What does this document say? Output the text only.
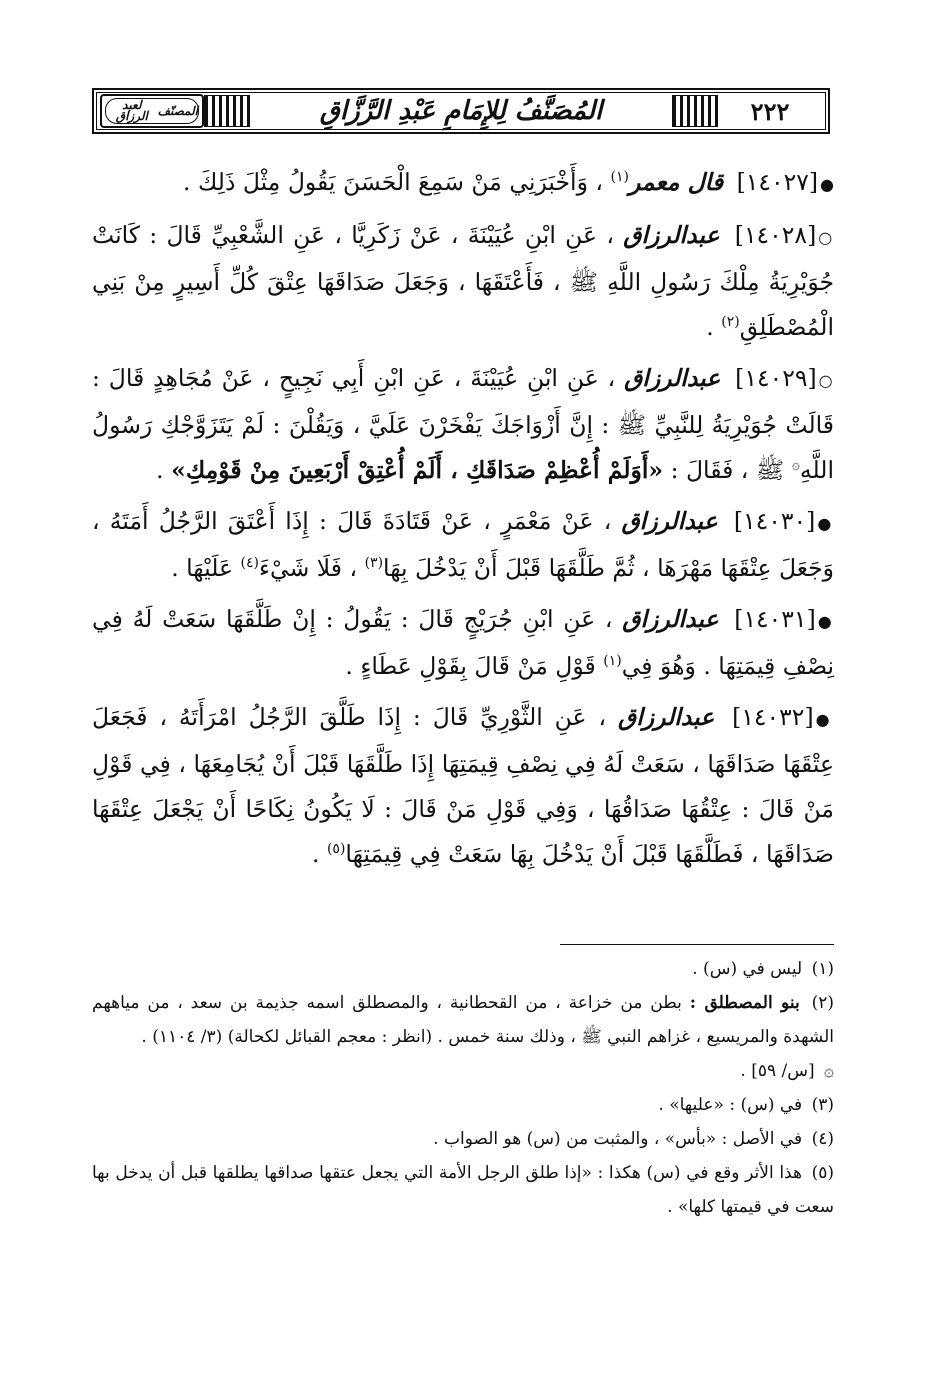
٢٢٢
المُصَنَّفُ لِلإِمَامِ عَبْدِ الرَّزَّاقِ
المصنّف

لعبد الرزاق

●[١٤٠٢٧] قال معمر$^{(١)}$ ، وَأَخْبَرَنِي مَنْ سَمِعَ الْحَسَنَ يَقُولُ مِثْلَ ذَلِكَ .

○[١٤٠٢٨] عبدالرزاق ، عَنِ ابْنِ عُيَيْنَةَ ، عَنْ زَكَرِيَّا ، عَنِ الشَّعْبِيِّ قَالَ : كَانَتْ جُوَيْرِيَةُ مِلْكَ رَسُولِ اللَّهِ ﷺ ، فَأَعْتَقَهَا ، وَجَعَلَ صَدَاقَهَا عِتْقَ كُلِّ أَسِيرٍ مِنْ بَنِي الْمُصْطَلِقِ$^{(٢)}$ .

○[١٤٠٢٩] عبدالرزاق ، عَنِ ابْنِ عُيَيْنَةَ ، عَنِ ابْنِ أَبِي نَجِيحٍ ، عَنْ مُجَاهِدٍ قَالَ : قَالَتْ جُوَيْرِيَةُ لِلنَّبِيِّ ﷺ : إِنَّ أَزْوَاجَكَ يَفْخَرْنَ عَلَيَّ ، وَيَقُلْنَ : لَمْ يَتَزَوَّجْكِ رَسُولُ اللَّهِ۞ ﷺ ، فَقَالَ : «أَوَلَمْ أُعْظِمْ صَدَاقَكِ ، أَلَمْ أُعْتِقْ أَرْبَعِينَ مِنْ قَوْمِكِ» .

●[١٤٠٣٠] عبدالرزاق ، عَنْ مَعْمَرٍ ، عَنْ قَتَادَةَ قَالَ : إِذَا أَعْتَقَ الرَّجُلُ أَمَتَهُ ، وَجَعَلَ عِتْقَهَا مَهْرَهَا ، ثُمَّ طَلَّقَهَا قَبْلَ أَنْ يَدْخُلَ بِهَا$^{(٣)}$ ، فَلَا شَيْءَ$^{(٤)}$ عَلَيْهَا .

●[١٤٠٣١] عبدالرزاق ، عَنِ ابْنِ جُرَيْجٍ قَالَ : يَقُولُ : إِنْ طَلَّقَهَا سَعَتْ لَهُ فِي نِصْفِ قِيمَتِهَا . وَهُوَ فِي$^{(١)}$ قَوْلِ مَنْ قَالَ بِقَوْلِ عَطَاءٍ .

●[١٤٠٣٢] عبدالرزاق ، عَنِ الثَّوْرِيِّ قَالَ : إِذَا طَلَّقَ الرَّجُلُ امْرَأَتَهُ ، فَجَعَلَ عِتْقَهَا صَدَاقَهَا ، سَعَتْ لَهُ فِي نِصْفِ قِيمَتِهَا إِذَا طَلَّقَهَا قَبْلَ أَنْ يُجَامِعَهَا ، فِي قَوْلِ مَنْ قَالَ : عِتْقُهَا صَدَاقُهَا ، وَفِي قَوْلِ مَنْ قَالَ : لَا يَكُونُ نِكَاحًا أَنْ يَجْعَلَ عِتْقَهَا صَدَاقَهَا ، فَطَلَّقَهَا قَبْلَ أَنْ يَدْخُلَ بِهَا سَعَتْ فِي قِيمَتِهَا$^{(٥)}$ .

(١) ليس في (س) .

(٢) بنو المصطلق : بطن من خزاعة ، من القحطانية ، والمصطلق اسمه جذيمة بن سعد ، من مياههم الشهدة والمريسيع ، غزاهم النبي ﷺ ، وذلك سنة خمس . (انظر : معجم القبائل لكحالة) (٣/ ١١٠٤) .

۞ [س/ ٥٩] .

(٣) في (س) : «عليها» .

(٤) في الأصل : «بأس» ، والمثبت من (س) هو الصواب .

(٥) هذا الأثر وقع في (س) هكذا : «إذا طلق الرجل الأمة التي يجعل عتقها صداقها يطلقها قبل أن يدخل بها سعت في قيمتها كلها» .
